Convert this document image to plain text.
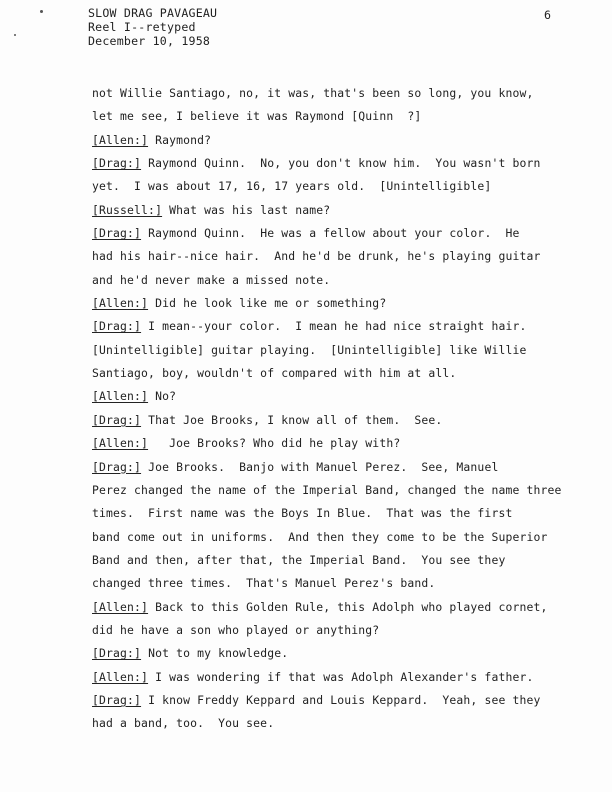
SLOW DRAG PAVAGEAU
Reel I--retyped
December 10, 1958
6
not Willie Santiago, no, it was, that's been so long, you know,
let me see, I believe it was Raymond [Quinn  ?]
[Allen:] Raymond?
[Drag:] Raymond Quinn.  No, you don't know him.  You wasn't born
yet.  I was about 17, 16, 17 years old.  [Unintelligible]
[Russell:] What was his last name?
[Drag:] Raymond Quinn.  He was a fellow about your color.  He
had his hair--nice hair.  And he'd be drunk, he's playing guitar
and he'd never make a missed note.
[Allen:] Did he look like me or something?
[Drag:] I mean--your color.  I mean he had nice straight hair.
[Unintelligible] guitar playing.  [Unintelligible] like Willie
Santiago, boy, wouldn't of compared with him at all.
[Allen:] No?
[Drag:] That Joe Brooks, I know all of them.  See.
[Allen:]   Joe Brooks? Who did he play with?
[Drag:] Joe Brooks.  Banjo with Manuel Perez.  See, Manuel
Perez changed the name of the Imperial Band, changed the name three
times.  First name was the Boys In Blue.  That was the first
band come out in uniforms.  And then they come to be the Superior
Band and then, after that, the Imperial Band.  You see they
changed three times.  That's Manuel Perez's band.
[Allen:] Back to this Golden Rule, this Adolph who played cornet,
did he have a son who played or anything?
[Drag:] Not to my knowledge.
[Allen:] I was wondering if that was Adolph Alexander's father.
[Drag:] I know Freddy Keppard and Louis Keppard.  Yeah, see they
had a band, too.  You see.
